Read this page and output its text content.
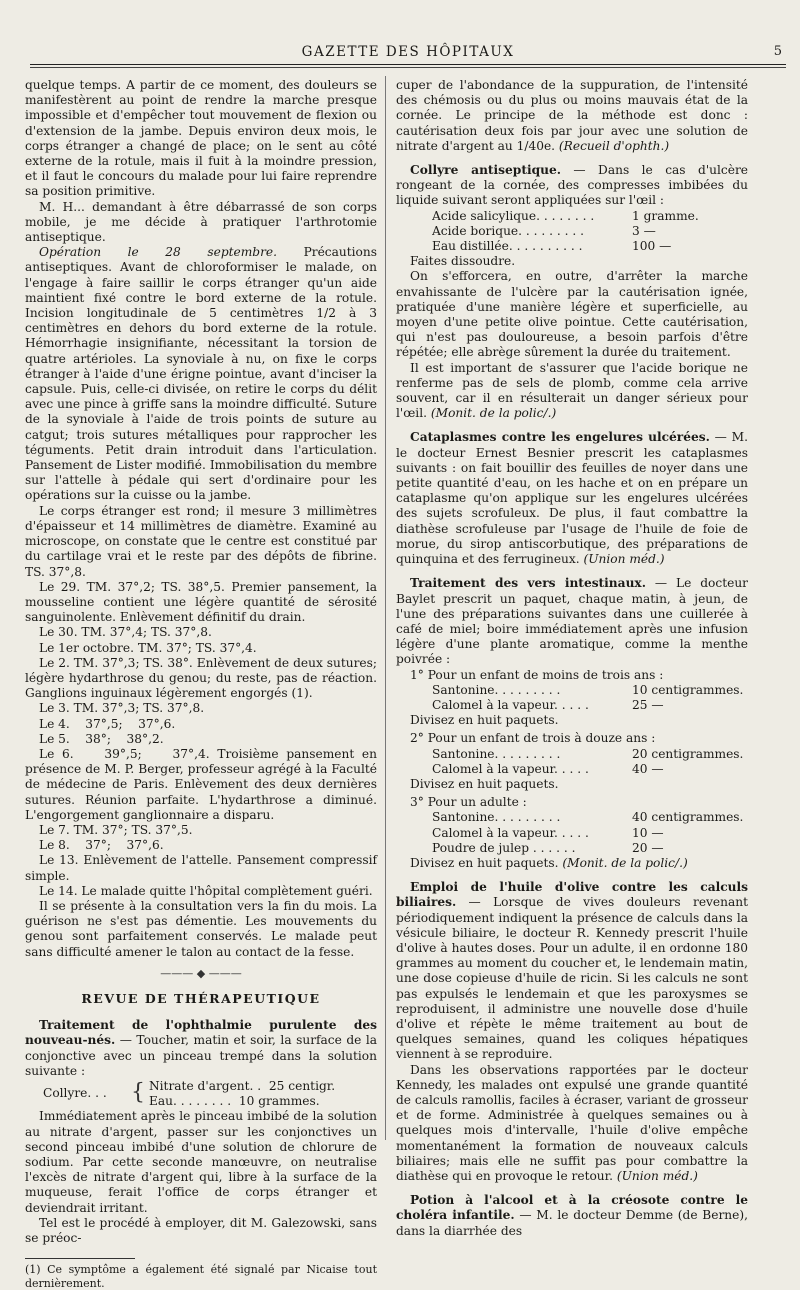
GAZETTE DES HÔPITAUX	5

quelque temps. A partir de ce moment, des douleurs se manifestèrent au point de rendre la marche presque impossible et d'empêcher tout mouvement de flexion ou d'extension de la jambe. Depuis environ deux mois, le corps étranger a changé de place; on le sent au côté externe de la rotule, mais il fuit à la moindre pression, et il faut le concours du malade pour lui faire reprendre sa position primitive.

M. H... demandant à être débarrassé de son corps mobile, je me décide à pratiquer l'arthrotomie antiseptique.

Opération le 28 septembre. Précautions antiseptiques. Avant de chloroformiser le malade, on l'engage à faire saillir le corps étranger qu'un aide maintient fixé contre le bord externe de la rotule. Incision longitudinale de 5 centimètres 1/2 à 3 centimètres en dehors du bord externe de la rotule. Hémorrhagie insignifiante, nécessitant la torsion de quatre artérioles. La synoviale à nu, on fixe le corps étranger à l'aide d'une érigne pointue, avant d'inciser la capsule. Puis, celle-ci divisée, on retire le corps du délit avec une pince à griffe sans la moindre difficulté. Suture de la synoviale à l'aide de trois points de suture au catgut; trois sutures métalliques pour rapprocher les téguments. Petit drain introduit dans l'articulation. Pansement de Lister modifié. Immobilisation du membre sur l'attelle à pédale qui sert d'ordinaire pour les opérations sur la cuisse ou la jambe.

Le corps étranger est rond; il mesure 3 millimètres d'épaisseur et 14 millimètres de diamètre. Examiné au microscope, on constate que le centre est constitué par du cartilage vrai et le reste par des dépôts de fibrine. TS. 37°,8.

Le 29. TM. 37°,2; TS. 38°,5. Premier pansement, la mousseline contient une légère quantité de sérosité sanguinolente. Enlèvement définitif du drain.

Le 30. TM. 37°,4; TS. 37°,8.

Le 1er octobre. TM. 37°; TS. 37°,4.

Le 2. TM. 37°,3; TS. 38°. Enlèvement de deux sutures; légère hydarthrose du genou; du reste, pas de réaction. Ganglions inguinaux légèrement engorgés (1).

Le 3. TM. 37°,3; TS. 37°,8.

Le 4.    37°,5;    37°,6.

Le 5.    38°;    38°,2.

Le 6.    39°,5;    37°,4. Troisième pansement en présence de M. P. Berger, professeur agrégé à la Faculté de médecine de Paris. Enlèvement des deux dernières sutures. Réunion parfaite. L'hydarthrose a diminué. L'engorgement ganglionnaire a disparu.

Le 7. TM. 37°; TS. 37°,5.

Le 8.    37°;    37°,6.

Le 13. Enlèvement de l'attelle. Pansement compressif simple.

Le 14. Le malade quitte l'hôpital complètement guéri.

Il se présente à la consultation vers la fin du mois. La guérison ne s'est pas démentie. Les mouvements du genou sont parfaitement conservés. Le malade peut sans difficulté amener le talon au contact de la fesse.

——— ◆ ———
REVUE DE THÉRAPEUTIQUE

Traitement de l'ophthalmie purulente des nouveau-nés. — Toucher, matin et soir, la surface de la conjonctive avec un pinceau trempé dans la solution suivante :

Collyre. . .	{ Nitrate d'argent. .  25 centigr.
Eau. . . . . . . .  10 grammes.

Immédiatement après le pinceau imbibé de la solution au nitrate d'argent, passer sur les conjonctives un second pinceau imbibé d'une solution de chlorure de sodium. Par cette seconde manœuvre, on neutralise l'excès de nitrate d'argent qui, libre à la surface de la muqueuse, ferait l'office de corps étranger et deviendrait irritant.

Tel est le procédé à employer, dit M. Galezowski, sans se préoc-

(1) Ce symptôme a également été signalé par Nicaise tout dernièrement.

cuper de l'abondance de la suppuration, de l'intensité des chémosis ou du plus ou moins mauvais état de la cornée. Le principe de la méthode est donc : cautérisation deux fois par jour avec une solution de nitrate d'argent au 1/40e. (Recueil d'ophth.)

Collyre antiseptique. — Dans le cas d'ulcère rongeant de la cornée, des compresses imbibées du liquide suivant seront appliquées sur l'œil :

Acide salicylique. . . . . . . .	1 gramme.
Acide borique. . . . . . . . .	3 —
Eau distillée. . . . . . . . . .	100 —

Faites dissoudre.

On s'efforcera, en outre, d'arrêter la marche envahissante de l'ulcère par la cautérisation ignée, pratiquée d'une manière légère et superficielle, au moyen d'une petite olive pointue. Cette cautérisation, qui n'est pas douloureuse, a besoin parfois d'être répétée; elle abrège sûrement la durée du traitement.

Il est important de s'assurer que l'acide borique ne renferme pas de sels de plomb, comme cela arrive souvent, car il en résulterait un danger sérieux pour l'œil. (Monit. de la polic/.)

Cataplasmes contre les engelures ulcérées. — M. le docteur Ernest Besnier prescrit les cataplasmes suivants : on fait bouillir des feuilles de noyer dans une petite quantité d'eau, on les hache et on en prépare un cataplasme qu'on applique sur les engelures ulcérées des sujets scrofuleux. De plus, il faut combattre la diathèse scrofuleuse par l'usage de l'huile de foie de morue, du sirop antiscorbutique, des préparations de quinquina et des ferrugineux. (Union méd.)

Traitement des vers intestinaux. — Le docteur Baylet prescrit un paquet, chaque matin, à jeun, de l'une des préparations suivantes dans une cuillerée à café de miel; boire immédiatement après une infusion légère d'une plante aromatique, comme la menthe poivrée :

1° Pour un enfant de moins de trois ans :

Santonine. . . . . . . . .	10 centigrammes.
Calomel à la vapeur. . . . .	25 —

Divisez en huit paquets.

2° Pour un enfant de trois à douze ans :

Santonine. . . . . . . . .	20 centigrammes.
Calomel à la vapeur. . . . .	40 —

Divisez en huit paquets.

3° Pour un adulte :

Santonine. . . . . . . . .	40 centigrammes.
Calomel à la vapeur. . . . .	10 —
Poudre de julep . . . . . .	20 —

Divisez en huit paquets. (Monit. de la polic/.)

Emploi de l'huile d'olive contre les calculs biliaires. — Lorsque de vives douleurs revenant périodiquement indiquent la présence de calculs dans la vésicule biliaire, le docteur R. Kennedy prescrit l'huile d'olive à hautes doses. Pour un adulte, il en ordonne 180 grammes au moment du coucher et, le lendemain matin, une dose copieuse d'huile de ricin. Si les calculs ne sont pas expulsés le lendemain et que les paroxysmes se reproduisent, il administre une nouvelle dose d'huile d'olive et répète le même traitement au bout de quelques semaines, quand les coliques hépatiques viennent à se reproduire.

Dans les observations rapportées par le docteur Kennedy, les malades ont expulsé une grande quantité de calculs ramollis, faciles à écraser, variant de grosseur et de forme. Administrée à quelques semaines ou à quelques mois d'intervalle, l'huile d'olive empêche momentanément la formation de nouveaux calculs biliaires; mais elle ne suffit pas pour combattre la diathèse qui en provoque le retour. (Union méd.)

Potion à l'alcool et à la créosote contre le choléra infantile. — M. le docteur Demme (de Berne), dans la diarrhée des
